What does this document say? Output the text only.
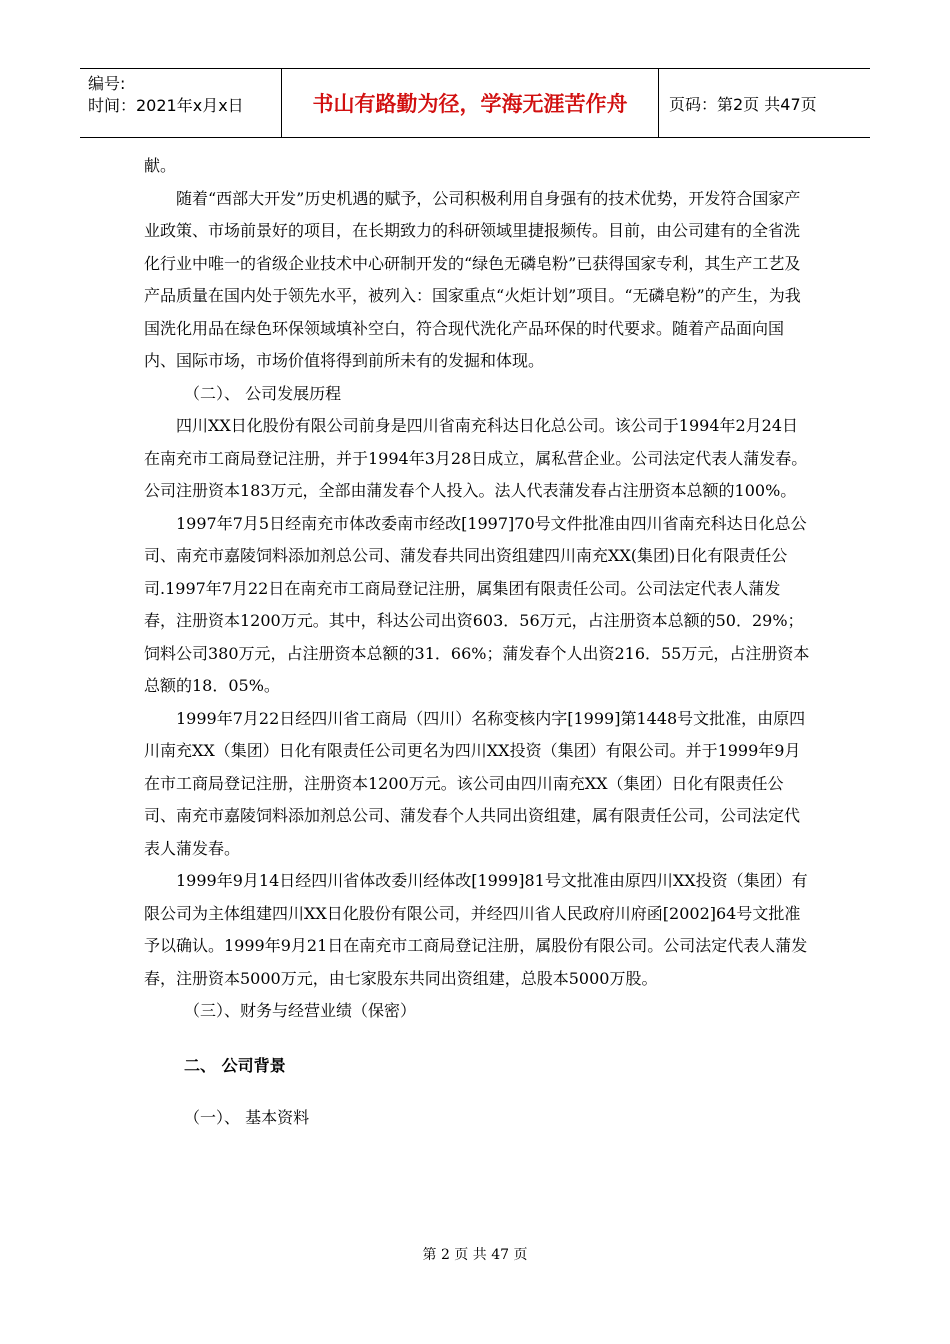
编号:
时间：2021年x月x日	书山有路勤为径，学海无涯苦作舟	页码：第2页 共47页

献。

随着“西部大开发”历史机遇的赋予，公司积极利用自身强有的技术优势，开发符合国家产业政策、市场前景好的项目，在长期致力的科研领域里捷报频传。目前，由公司建有的全省洗化行业中唯一的省级企业技术中心研制开发的“绿色无磷皂粉”已获得国家专利，其生产工艺及产品质量在国内处于领先水平，被列入：国家重点“火炬计划”项目。“无磷皂粉”的产生，为我国洗化用品在绿色环保领域填补空白，符合现代洗化产品环保的时代要求。随着产品面向国内、国际市场，市场价值将得到前所未有的发掘和体现。

（二）、 公司发展历程

四川XX日化股份有限公司前身是四川省南充科达日化总公司。该公司于1994年2月24日在南充市工商局登记注册，并于1994年3月28日成立，属私营企业。公司法定代表人蒲发春。公司注册资本183万元，全部由蒲发春个人投入。法人代表蒲发春占注册资本总额的100%。

1997年7月5日经南充市体改委南市经改[1997]70号文件批准由四川省南充科达日化总公司、南充市嘉陵饲料添加剂总公司、蒲发春共同出资组建四川南充XX(集团)日化有限责任公司.1997年7月22日在南充市工商局登记注册，属集团有限责任公司。公司法定代表人蒲发春，注册资本1200万元。其中，科达公司出资603．56万元，占注册资本总额的50．29%；饲料公司380万元，占注册资本总额的31．66%；蒲发春个人出资216．55万元，占注册资本总额的18．05%。

1999年7月22日经四川省工商局（四川）名称变核内字[1999]第1448号文批准，由原四川南充XX（集团）日化有限责任公司更名为四川XX投资（集团）有限公司。并于1999年9月在市工商局登记注册，注册资本1200万元。该公司由四川南充XX（集团）日化有限责任公司、南充市嘉陵饲料添加剂总公司、蒲发春个人共同出资组建，属有限责任公司，公司法定代表人蒲发春。

1999年9月14日经四川省体改委川经体改[1999]81号文批准由原四川XX投资（集团）有限公司为主体组建四川XX日化股份有限公司，并经四川省人民政府川府函[2002]64号文批准予以确认。1999年9月21日在南充市工商局登记注册，属股份有限公司。公司法定代表人蒲发春，注册资本5000万元，由七家股东共同出资组建，总股本5000万股。

（三）、财务与经营业绩（保密）

二、 公司背景

（一）、 基本资料

第 2 页 共 47 页
